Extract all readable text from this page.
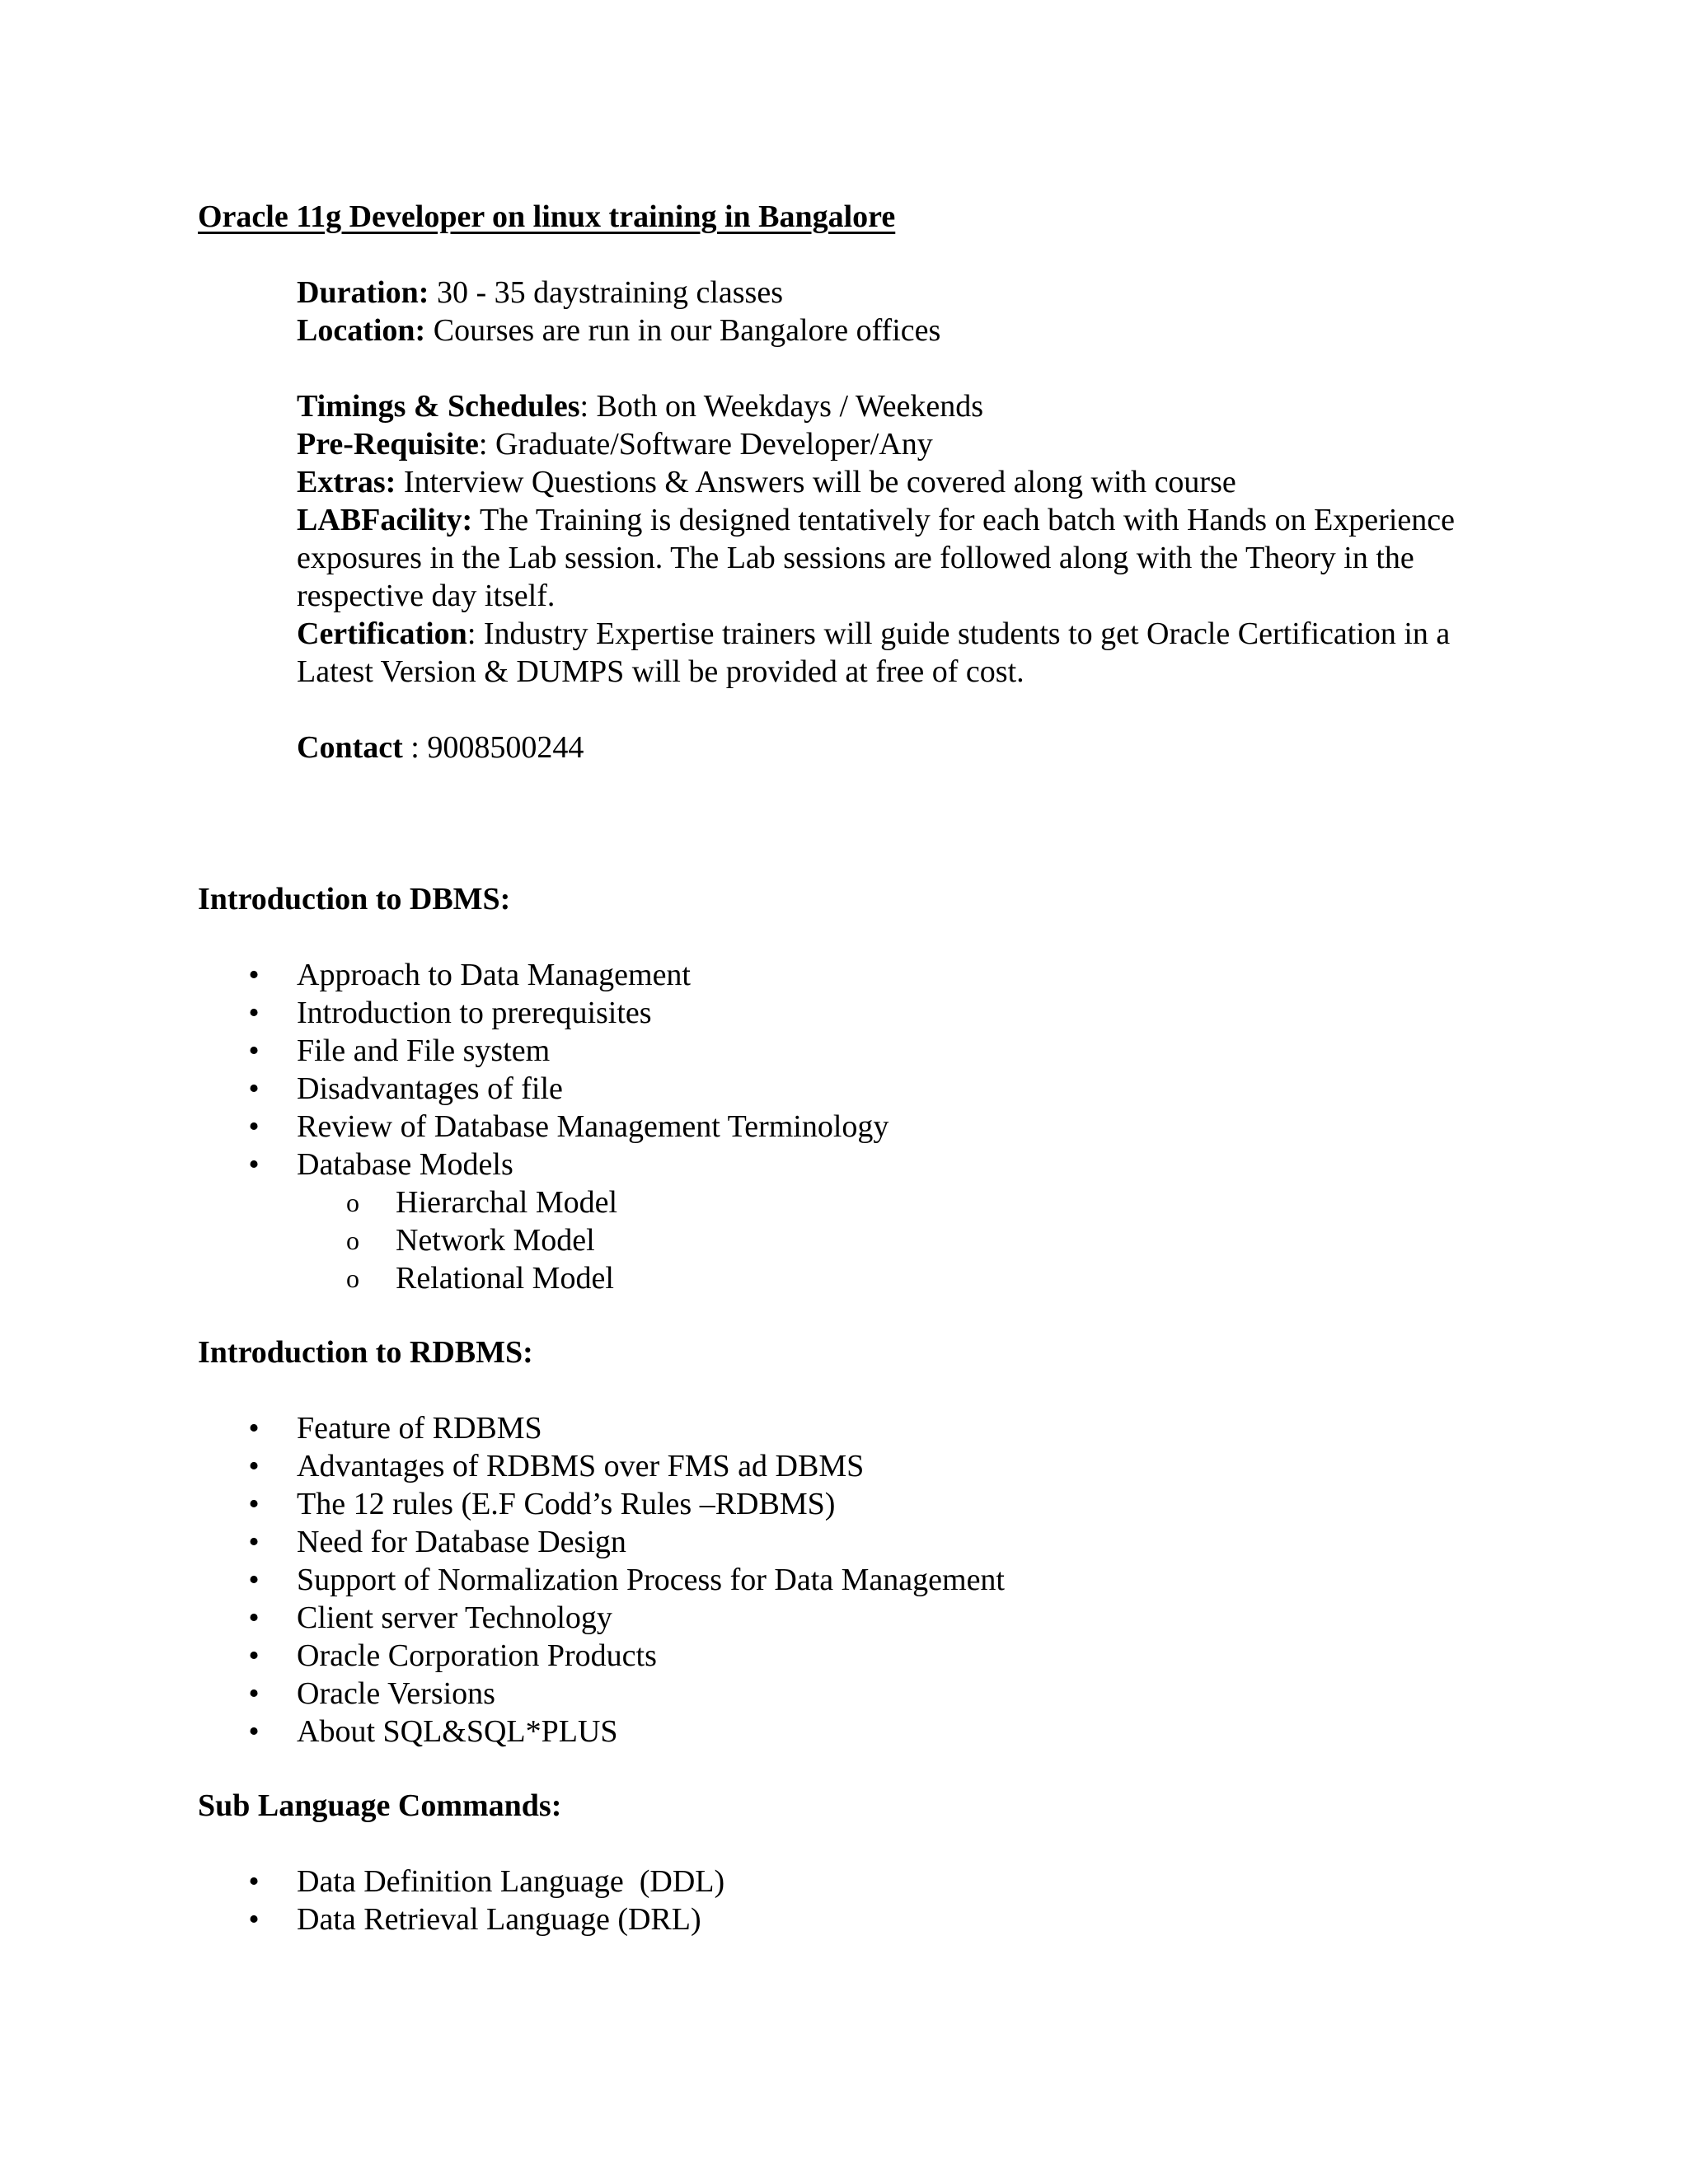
Oracle 11g Developer on linux training in Bangalore
Duration: 30 - 35 daystraining classes
Location: Courses are run in our Bangalore offices
Timings & Schedules: Both on Weekdays / Weekends
Pre-Requisite: Graduate/Software Developer/Any
Extras: Interview Questions & Answers will be covered along with course
LABFacility: The Training is designed tentatively for each batch with Hands on Experience exposures in the Lab session. The Lab sessions are followed along with the Theory in the respective day itself.
Certification: Industry Expertise trainers will guide students to get Oracle Certification in a Latest Version & DUMPS will be provided at free of cost.
Contact : 9008500244
Introduction to DBMS:
• Approach to Data Management
• Introduction to prerequisites
• File and File system
• Disadvantages of file
• Review of Database Management Terminology
• Database Models
o Hierarchal Model
o Network Model
o Relational Model
Introduction to RDBMS:
• Feature of RDBMS
• Advantages of RDBMS over FMS ad DBMS
• The 12 rules (E.F Codd’s Rules –RDBMS)
• Need for Database Design
• Support of Normalization Process for Data Management
• Client server Technology
• Oracle Corporation Products
• Oracle Versions
• About SQL&SQL*PLUS
Sub Language Commands:
• Data Definition Language  (DDL)
• Data Retrieval Language (DRL)
